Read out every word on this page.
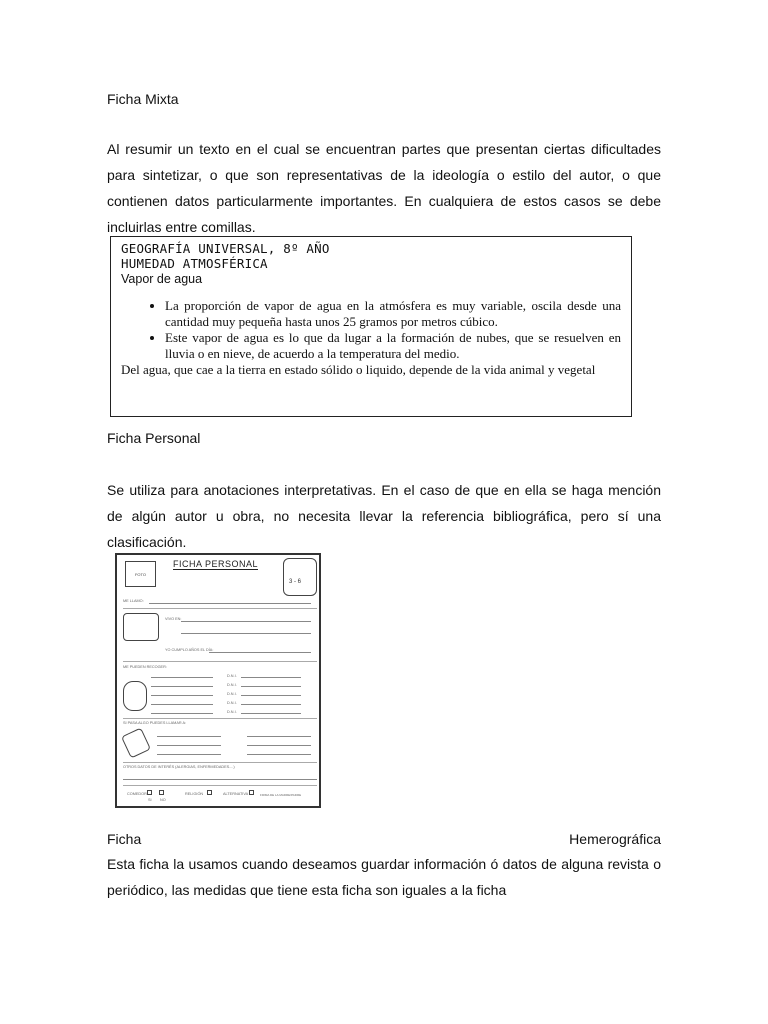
Ficha Mixta

Al resumir un texto en el cual se encuentran partes que presentan ciertas dificultades para sintetizar, o que son representativas de la ideología o estilo del autor, o que contienen datos particularmente importantes. En cualquiera de estos casos se debe incluirlas entre comillas.

GEOGRAFÍA UNIVERSAL, 8º AÑO
HUMEDAD ATMOSFÉRICA
Vapor de agua
• La proporción de vapor de agua en la atmósfera es muy variable, oscila desde una cantidad muy pequeña hasta unos 25 gramos por metros cúbico.
• Este vapor de agua es lo que da lugar a la formación de nubes, que se resuelven en lluvia o en nieve, de acuerdo a la temperatura del medio.
Del agua, que cae a la tierra en estado sólido o liquido, depende de la vida animal y vegetal
Ficha Personal

Se utiliza para anotaciones interpretativas. En el caso de que en ella se haga mención de algún autor u obra, no necesita llevar la referencia bibliográfica, pero sí una clasificación.

FOTO
FICHA PERSONAL
3 - 6
ME LLAMO:
VIVO EN:
YO CUMPLO AÑOS EL DÍA:
ME PUEDEN RECOGER:
D.N.I.
D.N.I.
D.N.I.
D.N.I.
D.N.I.
SI PASA ALGO PUEDES LLAMAR A:
OTROS DATOS DE INTERÉS (ALERGIAS, ENFERMEDADES....)
COMEDOR
SI NO
RELIGIÓN	ALTERNATIVA	FIRMA DE LA MADRE/PADRE
Ficha	Hemerográfica

Esta ficha la usamos cuando deseamos guardar información ó datos de alguna revista o periódico, las medidas que tiene esta ficha son iguales a la ficha
